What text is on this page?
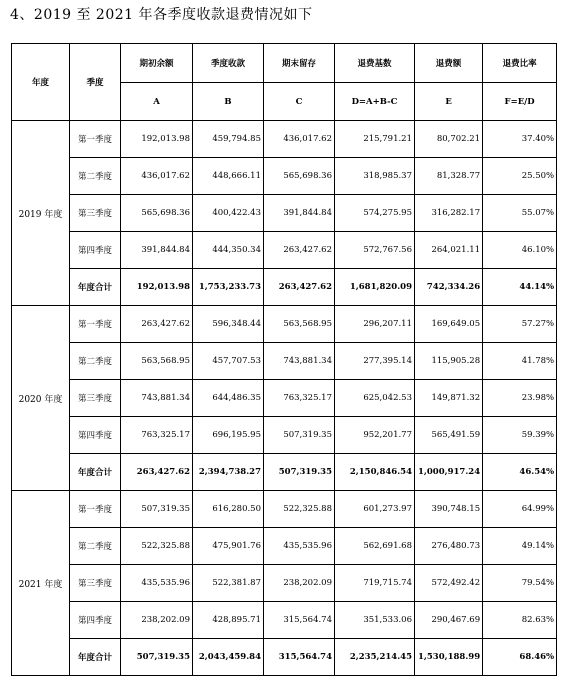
4、2019 至 2021 年各季度收款退费情况如下
年度	季度	期初余额	季度收款	期末留存	退费基数	退费额	退费比率
		A	B	C	D=A+B-C	E	F=E/D
2019 年度	第一季度	192,013.98	459,794.85	436,017.62	215,791.21	80,702.21	37.40%
	第二季度	436,017.62	448,666.11	565,698.36	318,985.37	81,328.77	25.50%
	第三季度	565,698.36	400,422.43	391,844.84	574,275.95	316,282.17	55.07%
	第四季度	391,844.84	444,350.34	263,427.62	572,767.56	264,021.11	46.10%
	年度合计	192,013.98	1,753,233.73	263,427.62	1,681,820.09	742,334.26	44.14%
2020 年度	第一季度	263,427.62	596,348.44	563,568.95	296,207.11	169,649.05	57.27%
	第二季度	563,568.95	457,707.53	743,881.34	277,395.14	115,905.28	41.78%
	第三季度	743,881.34	644,486.35	763,325.17	625,042.53	149,871.32	23.98%
	第四季度	763,325.17	696,195.95	507,319.35	952,201.77	565,491.59	59.39%
	年度合计	263,427.62	2,394,738.27	507,319.35	2,150,846.54	1,000,917.24	46.54%
2021 年度	第一季度	507,319.35	616,280.50	522,325.88	601,273.97	390,748.15	64.99%
	第二季度	522,325.88	475,901.76	435,535.96	562,691.68	276,480.73	49.14%
	第三季度	435,535.96	522,381.87	238,202.09	719,715.74	572,492.42	79.54%
	第四季度	238,202.09	428,895.71	315,564.74	351,533.06	290,467.69	82.63%
	年度合计	507,319.35	2,043,459.84	315,564.74	2,235,214.45	1,530,188.99	68.46%
